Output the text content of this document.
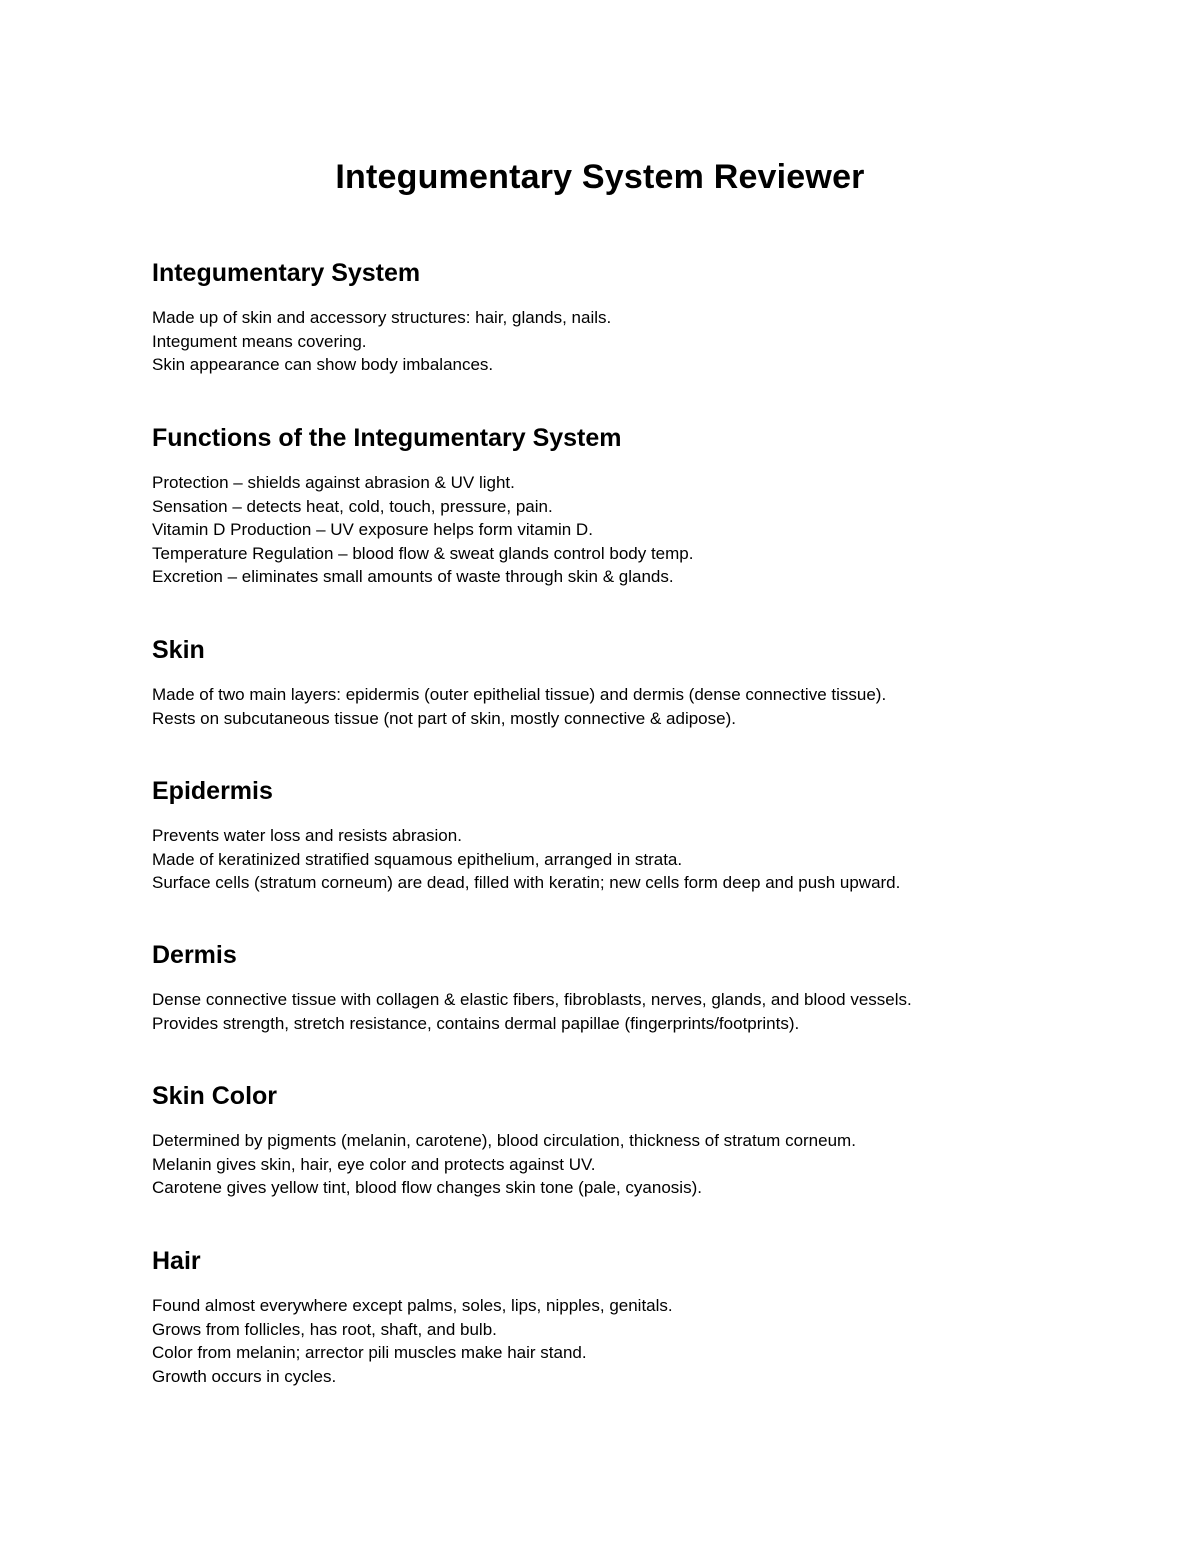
Integumentary System Reviewer
Integumentary System

Made up of skin and accessory structures: hair, glands, nails.

Integument means covering.

Skin appearance can show body imbalances.

Functions of the Integumentary System

Protection – shields against abrasion & UV light.

Sensation – detects heat, cold, touch, pressure, pain.

Vitamin D Production – UV exposure helps form vitamin D.

Temperature Regulation – blood flow & sweat glands control body temp.

Excretion – eliminates small amounts of waste through skin & glands.

Skin

Made of two main layers: epidermis (outer epithelial tissue) and dermis (dense connective tissue).

Rests on subcutaneous tissue (not part of skin, mostly connective & adipose).

Epidermis

Prevents water loss and resists abrasion.

Made of keratinized stratified squamous epithelium, arranged in strata.

Surface cells (stratum corneum) are dead, filled with keratin; new cells form deep and push upward.

Dermis

Dense connective tissue with collagen & elastic fibers, fibroblasts, nerves, glands, and blood vessels.

Provides strength, stretch resistance, contains dermal papillae (fingerprints/footprints).

Skin Color

Determined by pigments (melanin, carotene), blood circulation, thickness of stratum corneum.

Melanin gives skin, hair, eye color and protects against UV.

Carotene gives yellow tint, blood flow changes skin tone (pale, cyanosis).

Hair

Found almost everywhere except palms, soles, lips, nipples, genitals.

Grows from follicles, has root, shaft, and bulb.

Color from melanin; arrector pili muscles make hair stand.

Growth occurs in cycles.
